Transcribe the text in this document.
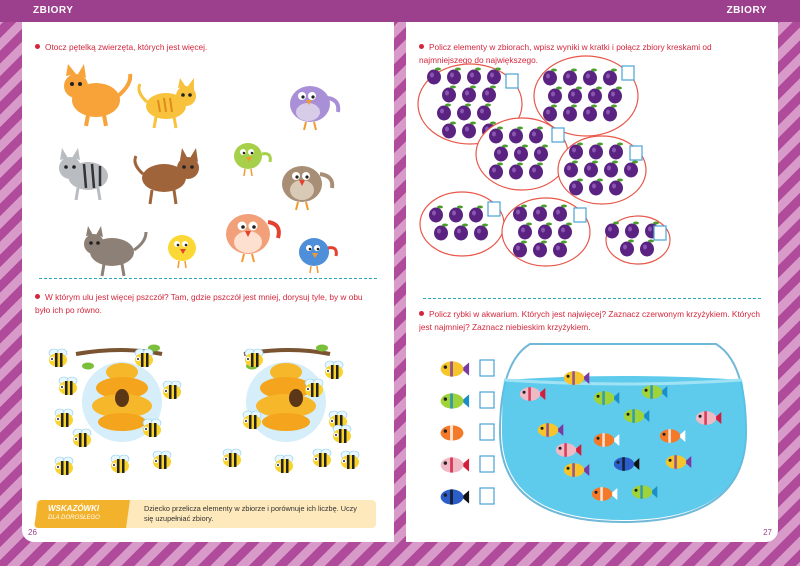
ZBIORY	ZBIORY
Otocz pętelką zwierzęta, których jest więcej.
W którym ulu jest więcej pszczół? Tam, gdzie pszczół jest mniej, dorysuj tyle, by w obu było ich po równo.
WSKAZÓWKI
DLA DOROSŁEGO
Dziecko przelicza elementy w zbiorze i porównuje ich liczbę. Uczy się uzupełniać zbiory.
26
Policz elementy w zbiorach, wpisz wyniki w kratki i połącz zbiory kreskami od najmniejszego do największego.
Policz rybki w akwarium. Których jest najwięcej? Zaznacz czerwonym krzyżykiem. Których jest najmniej? Zaznacz niebieskim krzyżykiem.
27
